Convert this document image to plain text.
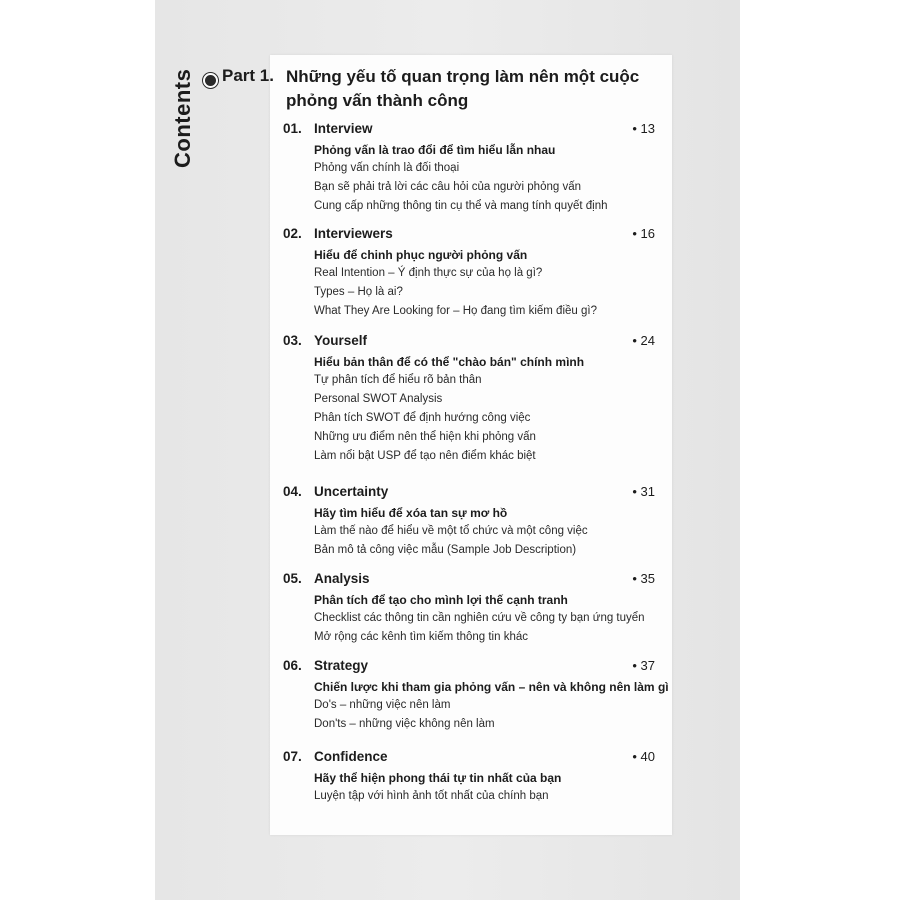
Contents Part 1. Những yếu tố quan trọng làm nên một cuộc phỏng vấn thành công
01. Interview	• 13
Phỏng vấn là trao đổi để tìm hiểu lẫn nhau
Phỏng vấn chính là đối thoại
Bạn sẽ phải trả lời các câu hỏi của người phỏng vấn
Cung cấp những thông tin cụ thể và mang tính quyết định
02. Interviewers	• 16
Hiểu để chinh phục người phỏng vấn
Real Intention – Ý định thực sự của họ là gì?
Types – Họ là ai?
What They Are Looking for – Họ đang tìm kiếm điều gì?
03. Yourself	• 24
Hiểu bản thân để có thể "chào bán" chính mình
Tự phân tích để hiểu rõ bản thân
Personal SWOT Analysis
Phân tích SWOT để định hướng công việc
Những ưu điểm nên thể hiện khi phỏng vấn
Làm nổi bật USP để tạo nên điểm khác biệt
04. Uncertainty	• 31
Hãy tìm hiểu để xóa tan sự mơ hồ
Làm thế nào để hiểu về một tổ chức và một công việc
Bản mô tả công việc mẫu (Sample Job Description)
05. Analysis	• 35
Phân tích để tạo cho mình lợi thế cạnh tranh
Checklist các thông tin cần nghiên cứu về công ty bạn ứng tuyển
Mở rộng các kênh tìm kiếm thông tin khác
06. Strategy	• 37
Chiến lược khi tham gia phỏng vấn – nên và không nên làm gì
Do's – những việc nên làm
Don'ts – những việc không nên làm
07. Confidence	• 40
Hãy thể hiện phong thái tự tin nhất của bạn
Luyện tập với hình ảnh tốt nhất của chính bạn
